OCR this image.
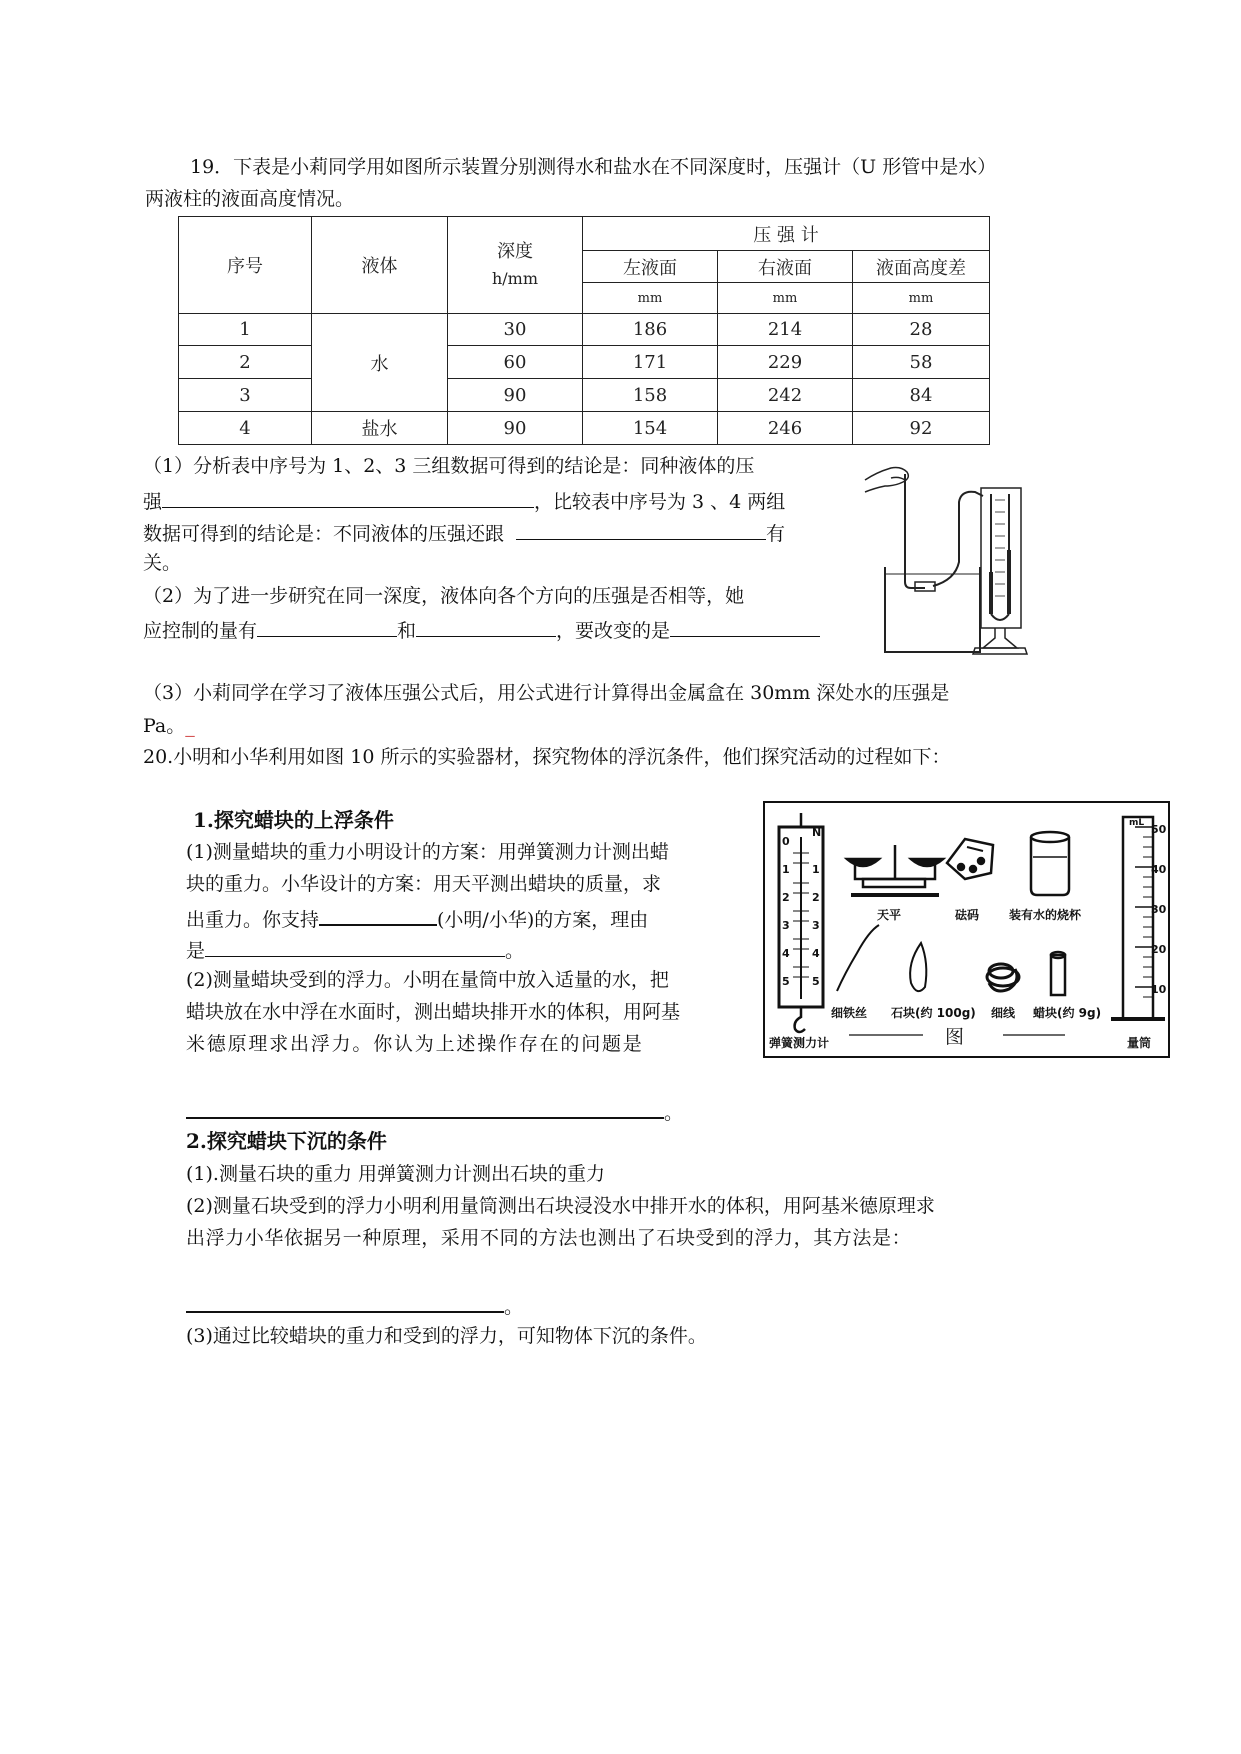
19．下表是小莉同学用如图所示装置分别测得水和盐水在不同深度时，压强计（U 形管中是水）
两液柱的液面高度情况。
序号	液体	深度
h/mm	压 强 计		
			左液面	右液面	液面高度差
			mm	mm	mm
1	水	30	186	214	28
2		60	171	229	58
3		90	158	242	84
4	盐水	90	154	246	92
（1）分析表中序号为 1、2、3 三组数据可得到的结论是：同种液体的压
强	，比较表中序号为 3 、4 两组
数据可得到的结论是：不同液体的压强还跟	有
关。
（2）为了进一步研究在同一深度，液体向各个方向的压强是否相等，她
应控制的量有	和	，要改变的是
（3）小莉同学在学习了液体压强公式后，用公式进行计算得出金属盒在 30mm 深处水的压强是
Pa。_
20.小明和小华利用如图 10 所示的实验器材，探究物体的浮沉条件，他们探究活动的过程如下：
1.探究蜡块的上浮条件
(1)测量蜡块的重力小明设计的方案：用弹簧测力计测出蜡
块的重力。小华设计的方案：用天平测出蜡块的质量，求
出重力。你支持	(小明/小华)的方案，理由
是	。
(2)测量蜡块受到的浮力。小明在量筒中放入适量的水，把
蜡块放在水中浮在水面时，测出蜡块排开水的体积，用阿基
米德原理求出浮力。你认为上述操作存在的问题是
。
N
0
1
2
3
4
5
1
2
3
4
5
弹簧测力计
天平	砝码 装有水的烧杯
细铁丝 石块(约 100g) 细线 蜡块(约 9g)
mL 50
40
30
20
10
量筒
图
2.探究蜡块下沉的条件
(1).测量石块的重力 用弹簧测力计测出石块的重力
(2)测量石块受到的浮力小明利用量筒测出石块浸没水中排开水的体积，用阿基米德原理求
出浮力小华依据另一种原理，采用不同的方法也测出了石块受到的浮力，其方法是：
。
(3)通过比较蜡块的重力和受到的浮力，可知物体下沉的条件。
